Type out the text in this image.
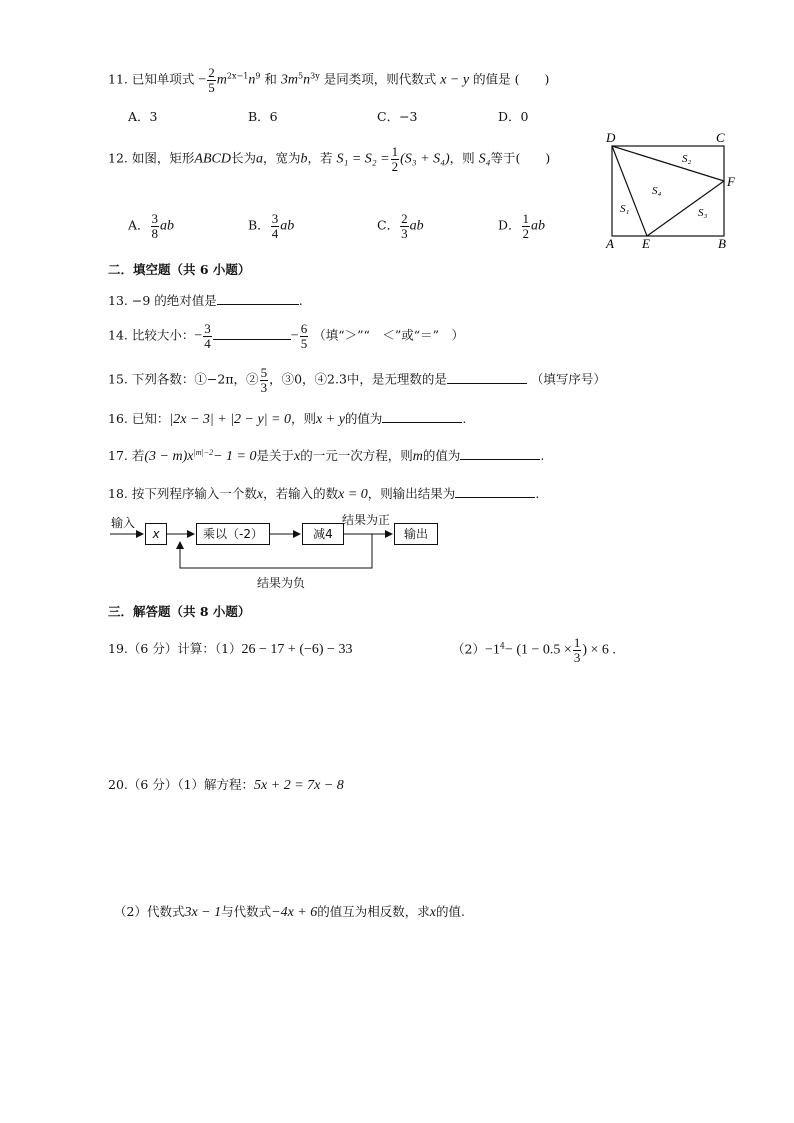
11. 已知单项式 − $\frac{2}{5} m^{2x-1}n^9$ 和 $3m^5n^{3y}$ 是同类项，则代数式 x − y 的值是 (　　)
A．3	B．6	C．−3	D．0
12. 如图，矩形ABCD长为a，宽为b，若 $S_1 = S_2 = \frac{1}{2} (S_3 + S_4)$，则 S₄等于(　　)
A． $\frac{3}{8}$ ab	B． $\frac{3}{4}$ ab	C． $\frac{2}{3}$ ab	D． $\frac{1}{2}$ ab
D	C
A	B
E
F
S₁
S₂
S₃
S₄
二．填空题（共 6 小题）
13. −9 的绝对值是	.
14. 比较大小：− $\frac{3}{4}$	− $\frac{6}{5}$ （填“＞”“　＜”或“＝”　）
15. 下列各数：①−2π，② $\frac{5}{3}$ ，③0，④2.3̇中，是无理数的是	（填写序号）
16. 已知：|2x − 3| + |2 − y| = 0，则x + y的值为	.
17. 若$(3 - m)x^{|m|-2}- 1 = 0$是关于x的一元一次方程，则m的值为	.
18. 按下列程序输入一个数x，若输入的数x = 0，则输出结果为	.
输入
x	乘以（-2）	减4
结果为正
输出
结果为负
三．解答题（共 8 小题）
19.（6 分）计算：（1）26 − 17 + (−6) − 33	$(2)-1^4- (1 - 0.5 \times \frac{1}{3}$ ) × 6 .
20.（6 分）（1）解方程：5x + 2 = 7x − 8
（2）代数式3x − 1与代数式−4x + 6的值互为相反数，求x的值.
